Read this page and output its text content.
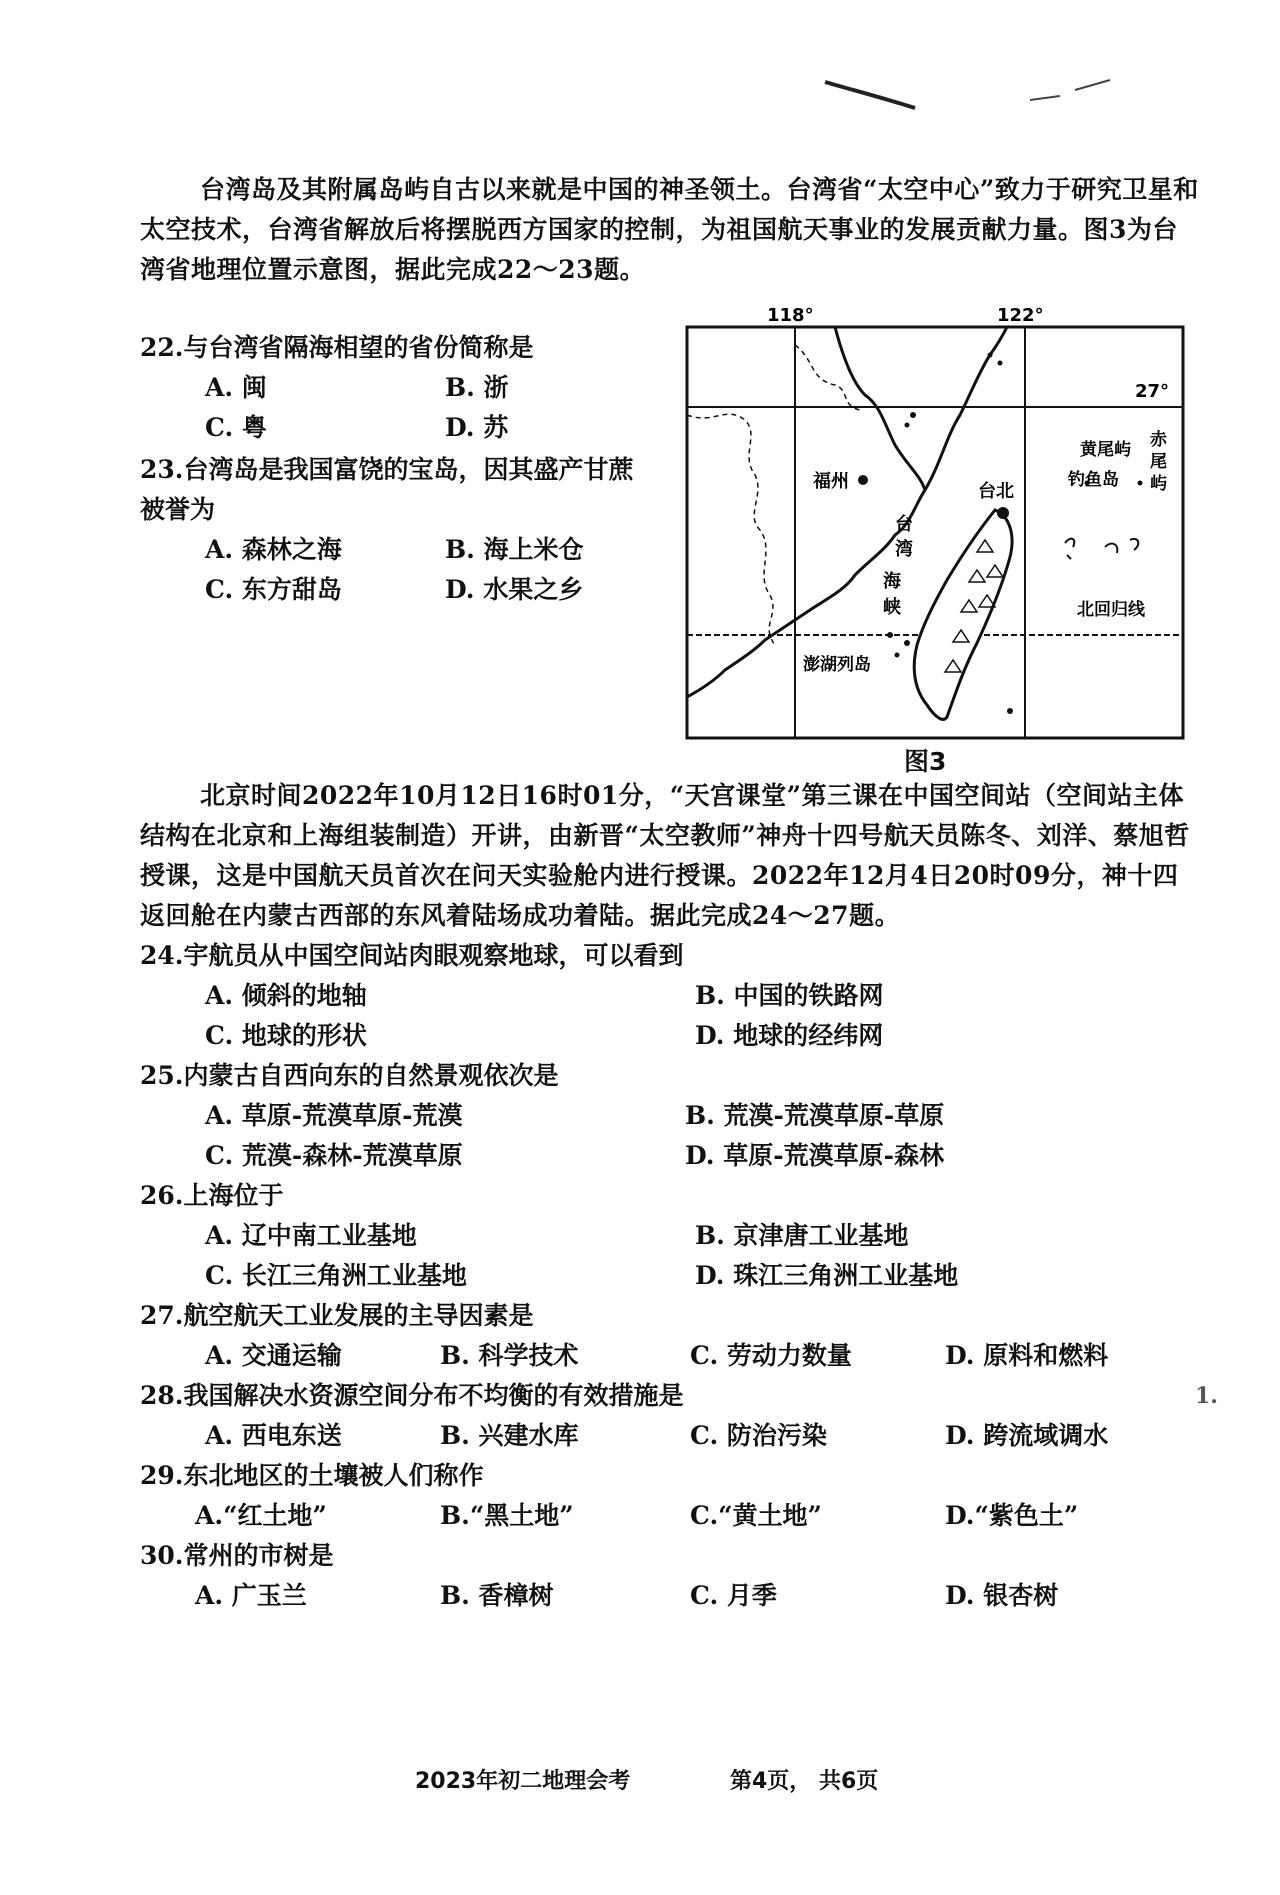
台湾岛及其附属岛屿自古以来就是中国的神圣领土。台湾省“太空中心”致力于研究卫星和太空技术，台湾省解放后将摆脱西方国家的控制，为祖国航天事业的发展贡献力量。图3为台湾省地理位置示意图，据此完成22～23题。

22.与台湾省隔海相望的省份简称是
A. 闽	B. 浙
C. 粤	D. 苏
23.台湾岛是我国富饶的宝岛，因其盛产甘蔗
被誉为
A. 森林之海	B. 海上米仓
C. 东方甜岛	D. 水果之乡
118°	122°
27°
福州	台北
台
湾
海
峡
澎湖列岛
钓鱼岛
黄尾屿 赤
尾
屿
北回归线
图3

北京时间2022年10月12日16时01分，“天宫课堂”第三课在中国空间站（空间站主体结构在北京和上海组装制造）开讲，由新晋“太空教师”神舟十四号航天员陈冬、刘洋、蔡旭哲授课，这是中国航天员首次在问天实验舱内进行授课。2022年12月4日20时09分，神十四返回舱在内蒙古西部的东风着陆场成功着陆。据此完成24～27题。

24.宇航员从中国空间站肉眼观察地球，可以看到
A. 倾斜的地轴	B. 中国的铁路网
C. 地球的形状	D. 地球的经纬网
25.内蒙古自西向东的自然景观依次是
A. 草原-荒漠草原-荒漠	B. 荒漠-荒漠草原-草原
C. 荒漠-森林-荒漠草原	D. 草原-荒漠草原-森林
26.上海位于
A. 辽中南工业基地	B. 京津唐工业基地
C. 长江三角洲工业基地	D. 珠江三角洲工业基地
27.航空航天工业发展的主导因素是
A. 交通运输	B. 科学技术	C. 劳动力数量	D. 原料和燃料
28.我国解决水资源空间分布不均衡的有效措施是
A. 西电东送	B. 兴建水库	C. 防治污染	D. 跨流域调水
1.
29.东北地区的土壤被人们称作
A.“红土地”	B.“黑土地”	C.“黄土地”	D.“紫色土”
30.常州的市树是
A. 广玉兰	B. 香樟树	C. 月季	D. 银杏树
2023年初二地理会考	第4页， 共6页
